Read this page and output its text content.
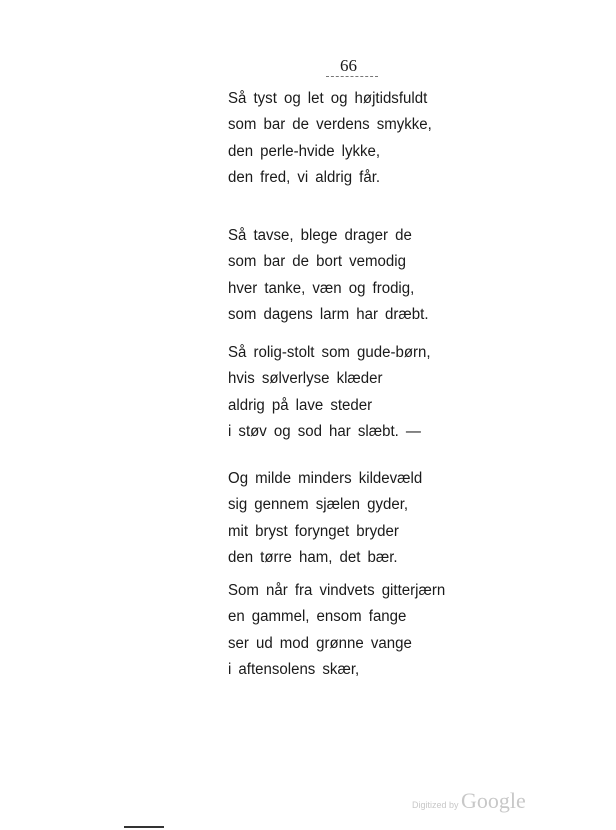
66
Så tyst og let og højtidsfuldt
som bar de verdens smykke,
den perle-hvide lykke,
den fred, vi aldrig får.
Så tavse, blege drager de
som bar de bort vemodig
hver tanke, væn og frodig,
som dagens larm har dræbt.
Så rolig-stolt som gude-børn,
hvis sølverlyse klæder
aldrig på lave steder
i støv og sod har slæbt. —
Og milde minders kildevæld
sig gennem sjælen gyder,
mit bryst forynget bryder
den tørre ham, det bær.
Som når fra vindvets gitterjærn
en gammel, ensom fange
ser ud mod grønne vange
i aftensolens skær,
Digitized by Google
